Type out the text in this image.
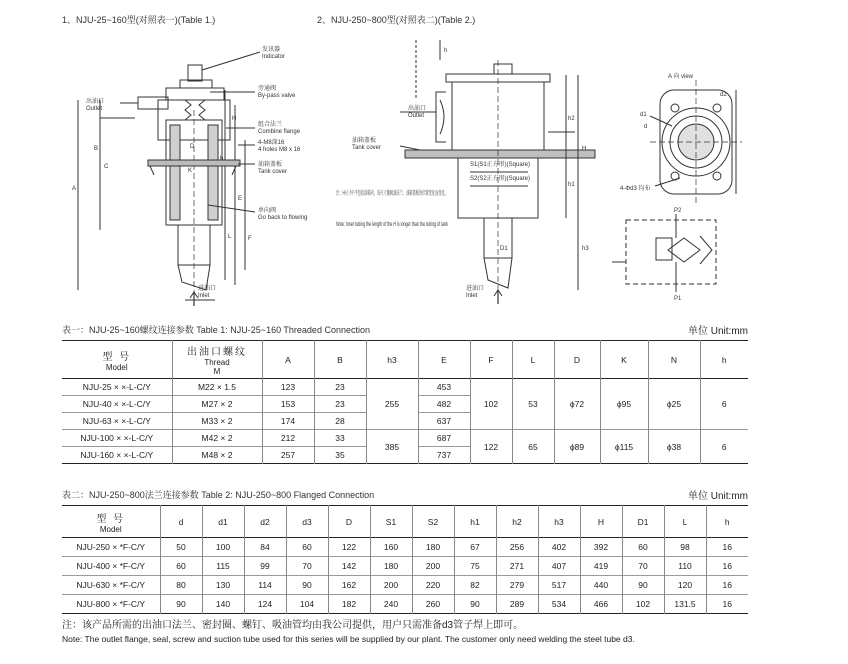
1、NJU-25~160型(对照表一)(Table 1.)	2、NJU-250~800型(对照表二)(Table 2.)
出油口
Outlet
发讯器
Indicator
旁通阀
By-pass valve
组合法兰
Combine flange
4-M8深16
4 holes M8 x 16
油箱盖板
Tank cover
单向阀
Go back to flowing
进油口
Inlet
A
B
C
D
E
K
F
h
L
H
出油口
Outlet
油箱盖板
Tank cover
S1(S1正方形)(Square)
S2(S2正方形)(Square)
注：H尺寸中不包括油箱内，该尺寸随吸油法兰、油箱盖板的位置变化而变化。
Note: Inner tubing the length of the H is longer than the tubing of tank
进油口
Inlet
A 向 view
4-Φd3 均布
d2
d1
d
D1
H
h1
h2
h3
h
P2
P1
表一：NJU-25~160螺纹连接参数 Table 1: NJU-25~160 Threaded Connection	单位 Unit:mm
型 号
Model	出油口螺纹
Thread
M	A	B	h3	E	F	L	D	K	N	h
NJU-25 × ×-L-C/Y	M22 × 1.5	123	23	255	453	102	53	ϕ72	ϕ95	ϕ25	6
NJU-40 × ×-L-C/Y	M27 × 2	153	23		482						
NJU-63 × ×-L-C/Y	M33 × 2	174	28		637						
NJU-100 × ×-L-C/Y	M42 × 2	212	33	385	687	122	65	ϕ89	ϕ115	ϕ38	6
NJU-160 × ×-L-C/Y	M48 × 2	257	35		737						
表二：NJU-250~800法兰连接参数 Table 2: NJU-250~800 Flanged Connection	单位 Unit:mm
型 号
Model	d	d1	d2	d3	D	S1	S2	h1	h2	h3	H	D1	L	h
NJU-250 × *F-C/Y	50	100	84	60	122	160	180	67	256	402	392	60	98	16
NJU-400 × *F-C/Y	60	115	99	70	142	180	200	75	271	407	419	70	110	16
NJU-630 × *F-C/Y	80	130	114	90	162	200	220	82	279	517	440	90	120	16
NJU-800 × *F-C/Y	90	140	124	104	182	240	260	90	289	534	466	102	131.5	16
注：该产品所需的出油口法兰、密封圈、螺钉、吸油管均由我公司提供，用户只需准备d3管子焊上即可。
Note: The outlet flange, seal, screw and suction tube used for this series will be supplied by our plant. The customer only need welding the steel tube d3.
